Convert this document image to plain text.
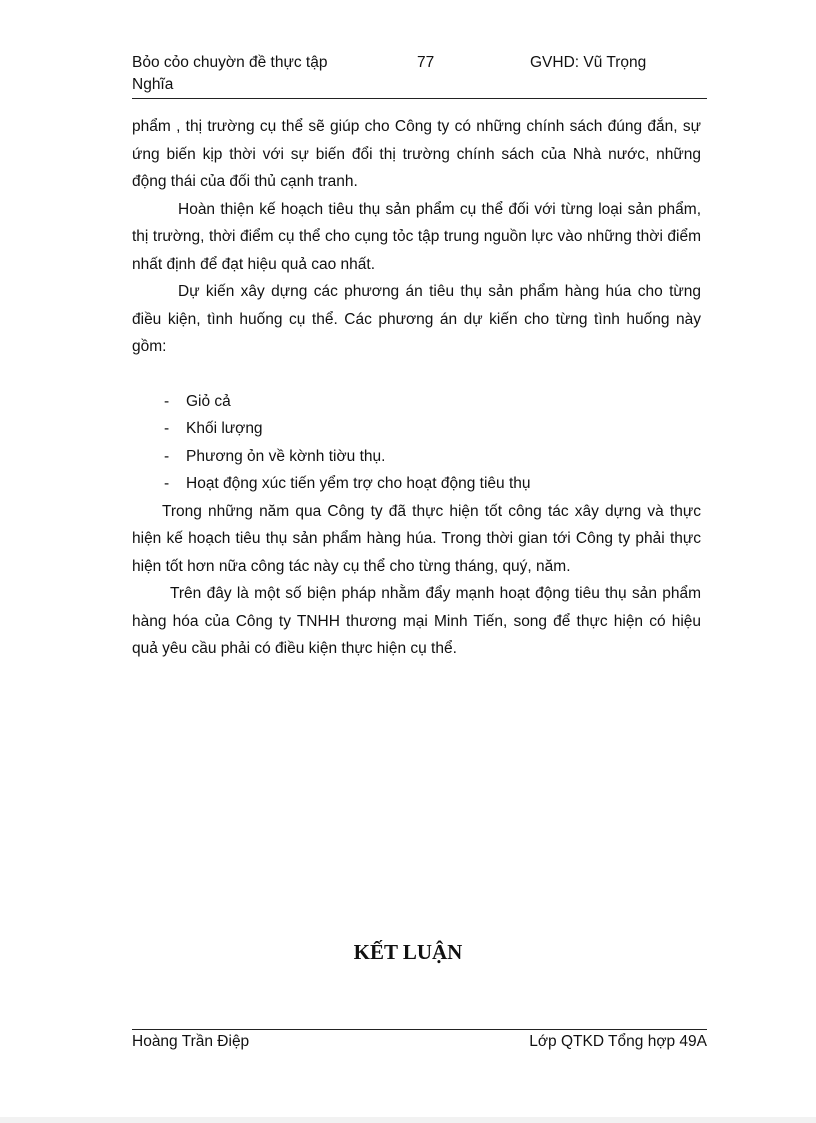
Bỏo cỏo chuyờn đề thực tập Nghĩa
77	GVHD: Vũ Trọng

phẩm , thị trường cụ thể sẽ giúp cho Công ty có những chính sách đúng đắn, sự ứng biến kịp thời với sự biến đổi thị trường chính sách của Nhà nước, những động thái của đối thủ cạnh tranh.

Hoàn thiện kế hoạch tiêu thụ sản phẩm cụ thể đối với từng loại sản phẩm, thị trường, thời điểm cụ thể cho cụng tỏc tập trung nguồn lực vào những thời điểm nhất định để đạt hiệu quả cao nhất.

Dự kiến xây dựng các phương án tiêu thụ sản phẩm hàng húa cho từng điều kiện, tình huống cụ thể. Các phương án dự kiến cho từng tình huống này gồm:

- Giỏ cả
- Khối lượng
- Phương ỏn về kờnh tiờu thụ.
- Hoạt động xúc tiến yểm trợ cho hoạt động tiêu thụ

Trong những năm qua Công ty đã thực hiện tốt công tác xây dựng và thực hiện kế hoạch tiêu thụ sản phẩm hàng húa. Trong thời gian tới Công ty phải thực hiện tốt hơn nữa công tác này cụ thể cho từng tháng, quý, năm.

Trên đây là một số biện pháp nhằm đẩy mạnh hoạt động tiêu thụ sản phẩm hàng hóa của Công ty TNHH thương mại Minh Tiến, song để thực hiện có hiệu quả yêu cầu phải có điều kiện thực hiện cụ thể.

KẾT LUẬN
Hoàng Trần Điệp	Lớp QTKD Tổng hợp 49A
